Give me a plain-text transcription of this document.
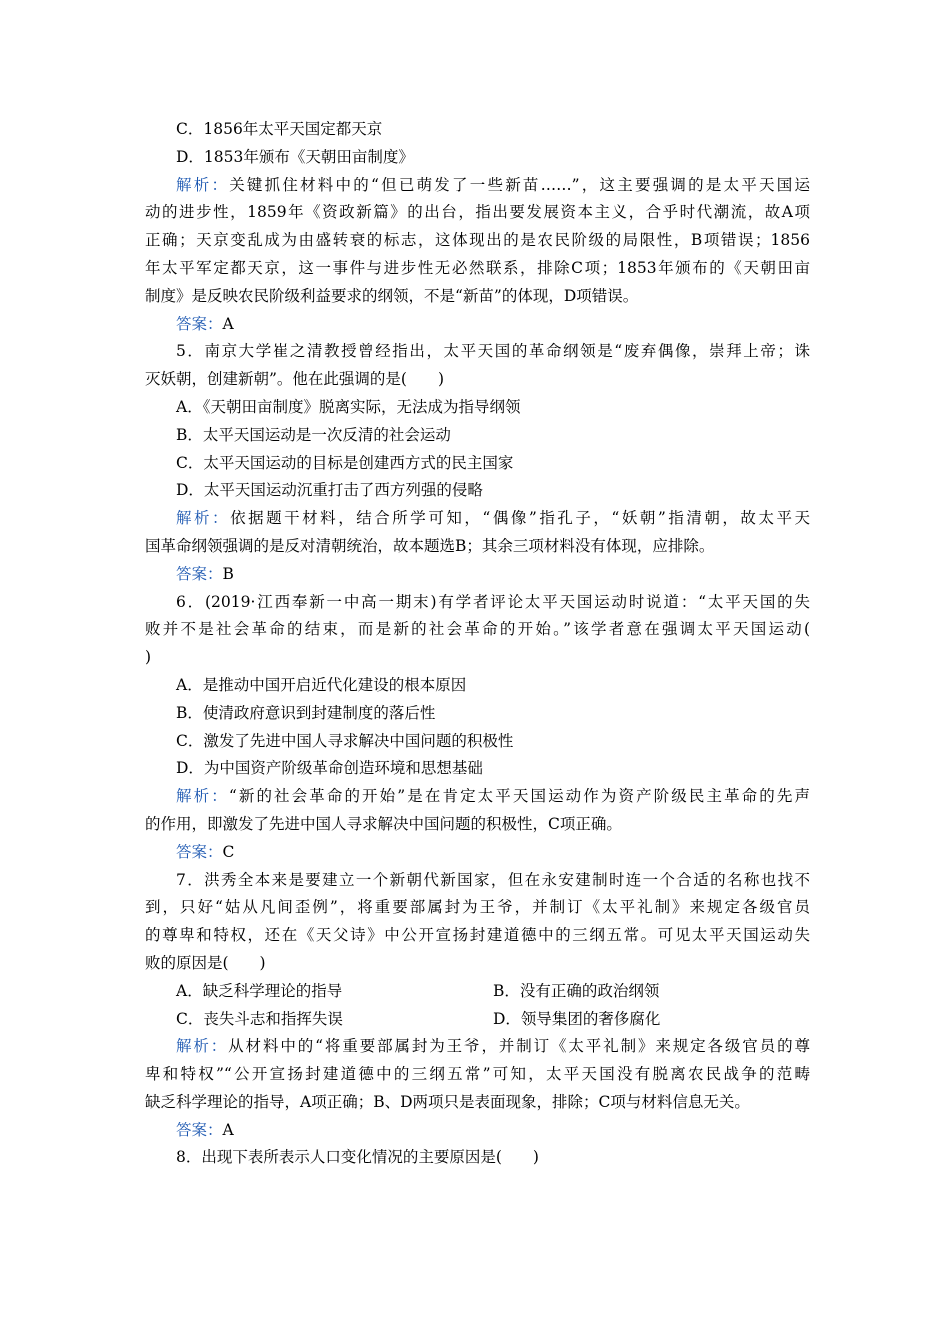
C．1856年太平天国定都天京
D．1853年颁布《天朝田亩制度》
解析：关键抓住材料中的“但已萌发了一些新苗……”，这主要强调的是太平天国运
动的进步性，1859年《资政新篇》的出台，指出要发展资本主义，合乎时代潮流，故A项
正确；天京变乱成为由盛转衰的标志，这体现出的是农民阶级的局限性，B项错误；1856
年太平军定都天京，这一事件与进步性无必然联系，排除C项；1853年颁布的《天朝田亩
制度》是反映农民阶级利益要求的纲领，不是“新苗”的体现，D项错误。
答案：A
5．南京大学崔之清教授曾经指出，太平天国的革命纲领是“废弃偶像，崇拜上帝；诛
灭妖朝，创建新朝”。他在此强调的是(　　)
A．《天朝田亩制度》脱离实际，无法成为指导纲领
B．太平天国运动是一次反清的社会运动
C．太平天国运动的目标是创建西方式的民主国家
D．太平天国运动沉重打击了西方列强的侵略
解析：依据题干材料，结合所学可知，“偶像”指孔子，“妖朝”指清朝，故太平天
国革命纲领强调的是反对清朝统治，故本题选B；其余三项材料没有体现，应排除。
答案：B
6．(2019·江西奉新一中高一期末)有学者评论太平天国运动时说道：“太平天国的失
败并不是社会革命的结束，而是新的社会革命的开始。”该学者意在强调太平天国运动(
)
A．是推动中国开启近代化建设的根本原因
B．使清政府意识到封建制度的落后性
C．激发了先进中国人寻求解决中国问题的积极性
D．为中国资产阶级革命创造环境和思想基础
解析：“新的社会革命的开始”是在肯定太平天国运动作为资产阶级民主革命的先声
的作用，即激发了先进中国人寻求解决中国问题的积极性，C项正确。
答案：C
7．洪秀全本来是要建立一个新朝代新国家，但在永安建制时连一个合适的名称也找不
到，只好“姑从凡间歪例”，将重要部属封为王爷，并制订《太平礼制》来规定各级官员
的尊卑和特权，还在《天父诗》中公开宣扬封建道德中的三纲五常。可见太平天国运动失
败的原因是(　　)
A．缺乏科学理论的指导	B．没有正确的政治纲领
C．丧失斗志和指挥失误	D．领导集团的奢侈腐化
解析：从材料中的“将重要部属封为王爷，并制订《太平礼制》来规定各级官员的尊
卑和特权”“公开宣扬封建道德中的三纲五常”可知，太平天国没有脱离农民战争的范畴
缺乏科学理论的指导，A项正确；B、D两项只是表面现象，排除；C项与材料信息无关。
答案：A
8．出现下表所表示人口变化情况的主要原因是(　　)
